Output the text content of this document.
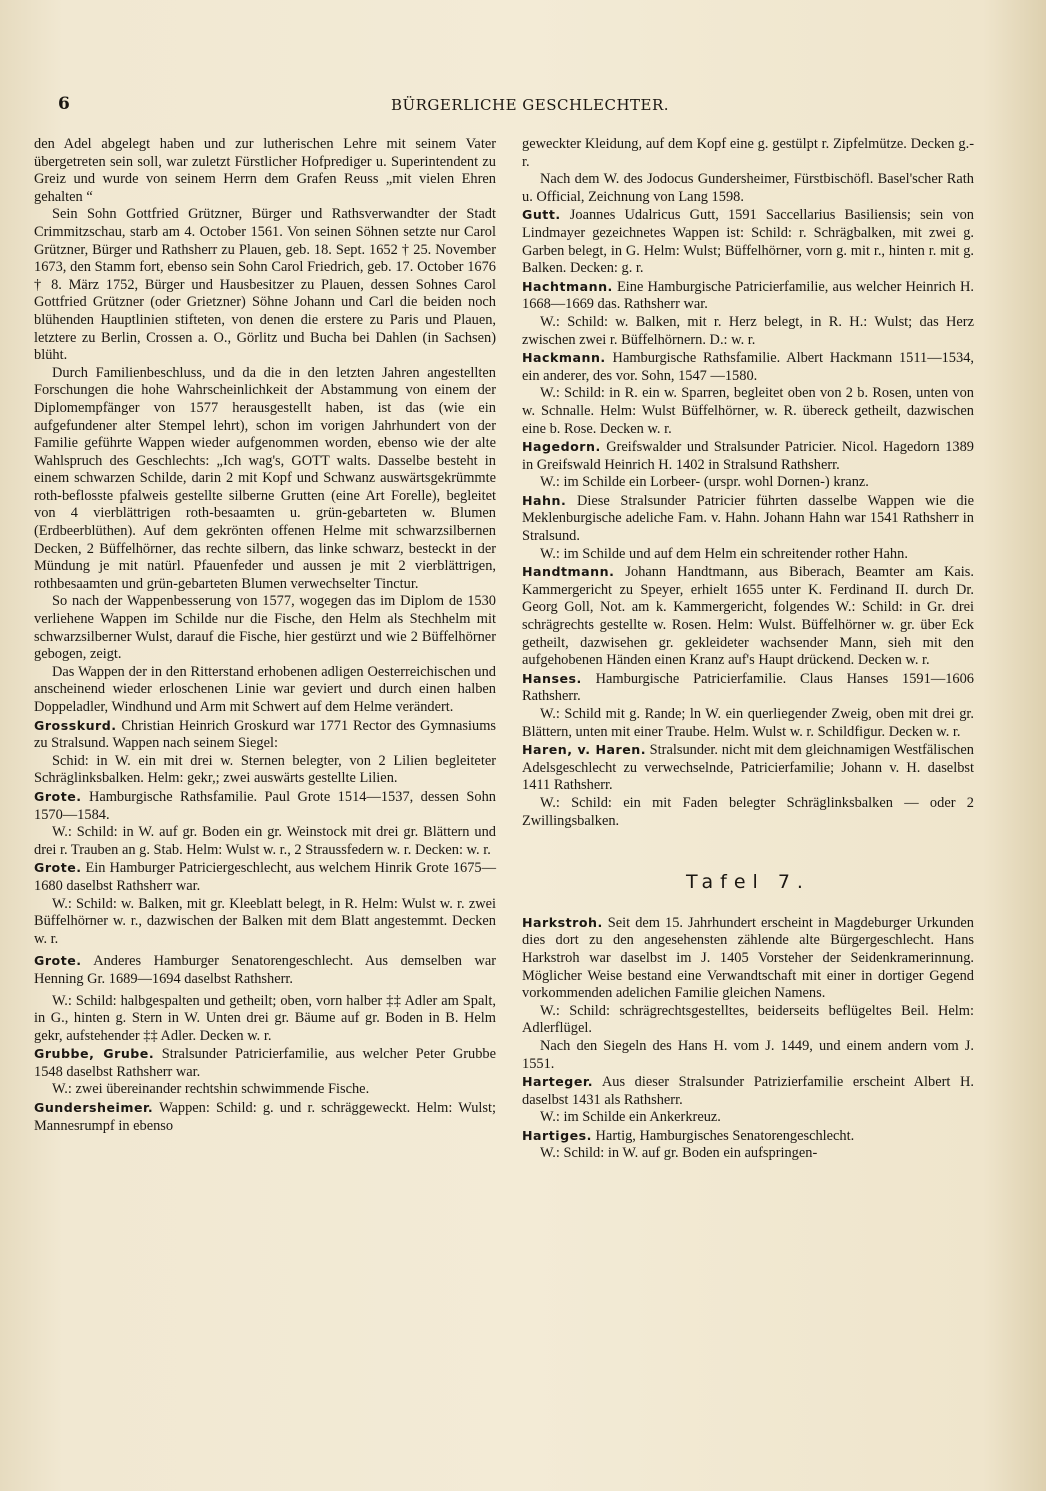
6	BÜRGERLICHE GESCHLECHTER.

den Adel abgelegt haben und zur lutherischen Lehre mit seinem Vater übergetreten sein soll, war zuletzt Fürstlicher Hofprediger u. Superintendent zu Greiz und wurde von seinem Herrn dem Grafen Reuss „mit vielen Ehren gehalten “

Sein Sohn Gottfried Grützner, Bürger und Rathsverwandter der Stadt Crimmitzschau, starb am 4. October 1561. Von seinen Söhnen setzte nur Carol Grützner, Bürger und Rathsherr zu Plauen, geb. 18. Sept. 1652 † 25. November 1673, den Stamm fort, ebenso sein Sohn Carol Friedrich, geb. 17. October 1676 † 8. März 1752, Bürger und Hausbesitzer zu Plauen, dessen Sohnes Carol Gottfried Grützner (oder Grietzner) Söhne Johann und Carl die beiden noch blühenden Hauptlinien stifteten, von denen die erstere zu Paris und Plauen, letztere zu Berlin, Crossen a. O., Görlitz und Bucha bei Dahlen (in Sachsen) blüht.

Durch Familienbeschluss, und da die in den letzten Jahren angestellten Forschungen die hohe Wahrscheinlichkeit der Abstammung von einem der Diplomempfänger von 1577 herausgestellt haben, ist das (wie ein aufgefundener alter Stempel lehrt), schon im vorigen Jahrhundert von der Familie geführte Wappen wieder aufgenommen worden, ebenso wie der alte Wahlspruch des Geschlechts: „Ich wag's, GOTT walts. Dasselbe besteht in einem schwarzen Schilde, darin 2 mit Kopf und Schwanz auswärtsgekrümmte roth-beflosste pfalweis gestellte silberne Grutten (eine Art Forelle), begleitet von 4 vierblättrigen roth-besaamten u. grün-gebarteten w. Blumen (Erdbeerblüthen). Auf dem gekrönten offenen Helme mit schwarzsilbernen Decken, 2 Büffelhörner, das rechte silbern, das linke schwarz, besteckt in der Mündung je mit natürl. Pfauenfeder und aussen je mit 2 vierblättrigen, rothbesaamten und grün-gebarteten Blumen verwechselter Tinctur.

So nach der Wappenbesserung von 1577, wogegen das im Diplom de 1530 verliehene Wappen im Schilde nur die Fische, den Helm als Stechhelm mit schwarzsilberner Wulst, darauf die Fische, hier gestürzt und wie 2 Büffelhörner gebogen, zeigt.

Das Wappen der in den Ritterstand erhobenen adligen Oesterreichischen und anscheinend wieder erloschenen Linie war geviert und durch einen halben Doppeladler, Windhund und Arm mit Schwert auf dem Helme verändert.

Grosskurd. Christian Heinrich Groskurd war 1771 Rector des Gymnasiums zu Stralsund. Wappen nach seinem Siegel:

Schid: in W. ein mit drei w. Sternen belegter, von 2 Lilien begleiteter Schräglinksbalken. Helm: gekr,; zwei auswärts gestellte Lilien.

Grote. Hamburgische Rathsfamilie. Paul Grote 1514—1537, dessen Sohn 1570—1584.

W.: Schild: in W. auf gr. Boden ein gr. Weinstock mit drei gr. Blättern und drei r. Trauben an g. Stab. Helm: Wulst w. r., 2 Straussfedern w. r. Decken: w. r.

Grote. Ein Hamburger Patriciergeschlecht, aus welchem Hinrik Grote 1675—1680 daselbst Rathsherr war.

W.: Schild: w. Balken, mit gr. Kleeblatt belegt, in R. Helm: Wulst w. r. zwei Büffelhörner w. r., dazwischen der Balken mit dem Blatt angestemmt. Decken w. r.

Grote. Anderes Hamburger Senatorengeschlecht. Aus demselben war Henning Gr. 1689—1694 daselbst Rathsherr.

W.: Schild: halbgespalten und getheilt; oben, vorn halber ‡‡ Adler am Spalt, in G., hinten g. Stern in W. Unten drei gr. Bäume auf gr. Boden in B. Helm gekr, aufstehender ‡‡ Adler. Decken w. r.

Grubbe, Grube. Stralsunder Patricierfamilie, aus welcher Peter Grubbe 1548 daselbst Rathsherr war.

W.: zwei übereinander rechtshin schwimmende Fische.

Gundersheimer. Wappen: Schild: g. und r. schräggeweckt. Helm: Wulst; Mannesrumpf in ebenso

geweckter Kleidung, auf dem Kopf eine g. gestülpt r. Zipfelmütze. Decken g.-r.

Nach dem W. des Jodocus Gundersheimer, Fürstbischöfl. Basel'scher Rath u. Official, Zeichnung von Lang 1598.

Gutt. Joannes Udalricus Gutt, 1591 Saccellarius Basiliensis; sein von Lindmayer gezeichnetes Wappen ist: Schild: r. Schrägbalken, mit zwei g. Garben belegt, in G. Helm: Wulst; Büffelhörner, vorn g. mit r., hinten r. mit g. Balken. Decken: g. r.

Hachtmann. Eine Hamburgische Patricierfamilie, aus welcher Heinrich H. 1668—1669 das. Rathsherr war.

W.: Schild: w. Balken, mit r. Herz belegt, in R. H.: Wulst; das Herz zwischen zwei r. Büffelhörnern. D.: w. r.

Hackmann. Hamburgische Rathsfamilie. Albert Hackmann 1511—1534, ein anderer, des vor. Sohn, 1547 —1580.

W.: Schild: in R. ein w. Sparren, begleitet oben von 2 b. Rosen, unten von w. Schnalle. Helm: Wulst Büffelhörner, w. R. übereck getheilt, dazwischen eine b. Rose. Decken w. r.

Hagedorn. Greifswalder und Stralsunder Patricier. Nicol. Hagedorn 1389 in Greifswald Heinrich H. 1402 in Stralsund Rathsherr.

W.: im Schilde ein Lorbeer- (urspr. wohl Dornen-) kranz.

Hahn. Diese Stralsunder Patricier führten dasselbe Wappen wie die Meklenburgische adeliche Fam. v. Hahn. Johann Hahn war 1541 Rathsherr in Stralsund.

W.: im Schilde und auf dem Helm ein schreitender rother Hahn.

Handtmann. Johann Handtmann, aus Biberach, Beamter am Kais. Kammergericht zu Speyer, erhielt 1655 unter K. Ferdinand II. durch Dr. Georg Goll, Not. am k. Kammergericht, folgendes W.: Schild: in Gr. drei schrägrechts gestellte w. Rosen. Helm: Wulst. Büffelhörner w. gr. über Eck getheilt, dazwisehen gr. gekleideter wachsender Mann, sieh mit den aufgehobenen Händen einen Kranz auf's Haupt drückend. Decken w. r.

Hanses. Hamburgische Patricierfamilie. Claus Hanses 1591—1606 Rathsherr.

W.: Schild mit g. Rande; ln W. ein querliegender Zweig, oben mit drei gr. Blättern, unten mit einer Traube. Helm. Wulst w. r. Schildfigur. Decken w. r.

Haren, v. Haren. Stralsunder. nicht mit dem gleichnamigen Westfälischen Adelsgeschlecht zu verwechselnde, Patricierfamilie; Johann v. H. daselbst 1411 Rathsherr.

W.: Schild: ein mit Faden belegter Schräglinksbalken — oder 2 Zwillingsbalken.

Tafel 7.

Harkstroh. Seit dem 15. Jahrhundert erscheint in Magdeburger Urkunden dies dort zu den angesehensten zählende alte Bürgergeschlecht. Hans Harkstroh war daselbst im J. 1405 Vorsteher der Seidenkramerinnung. Möglicher Weise bestand eine Verwandtschaft mit einer in dortiger Gegend vorkommenden adelichen Familie gleichen Namens.

W.: Schild: schrägrechtsgestelltes, beiderseits beflügeltes Beil. Helm: Adlerflügel.

Nach den Siegeln des Hans H. vom J. 1449, und einem andern vom J. 1551.

Harteger. Aus dieser Stralsunder Patrizierfamilie erscheint Albert H. daselbst 1431 als Rathsherr.

W.: im Schilde ein Ankerkreuz.

Hartiges. Hartig, Hamburgisches Senatorengeschlecht.

W.: Schild: in W. auf gr. Boden ein aufspringen-
